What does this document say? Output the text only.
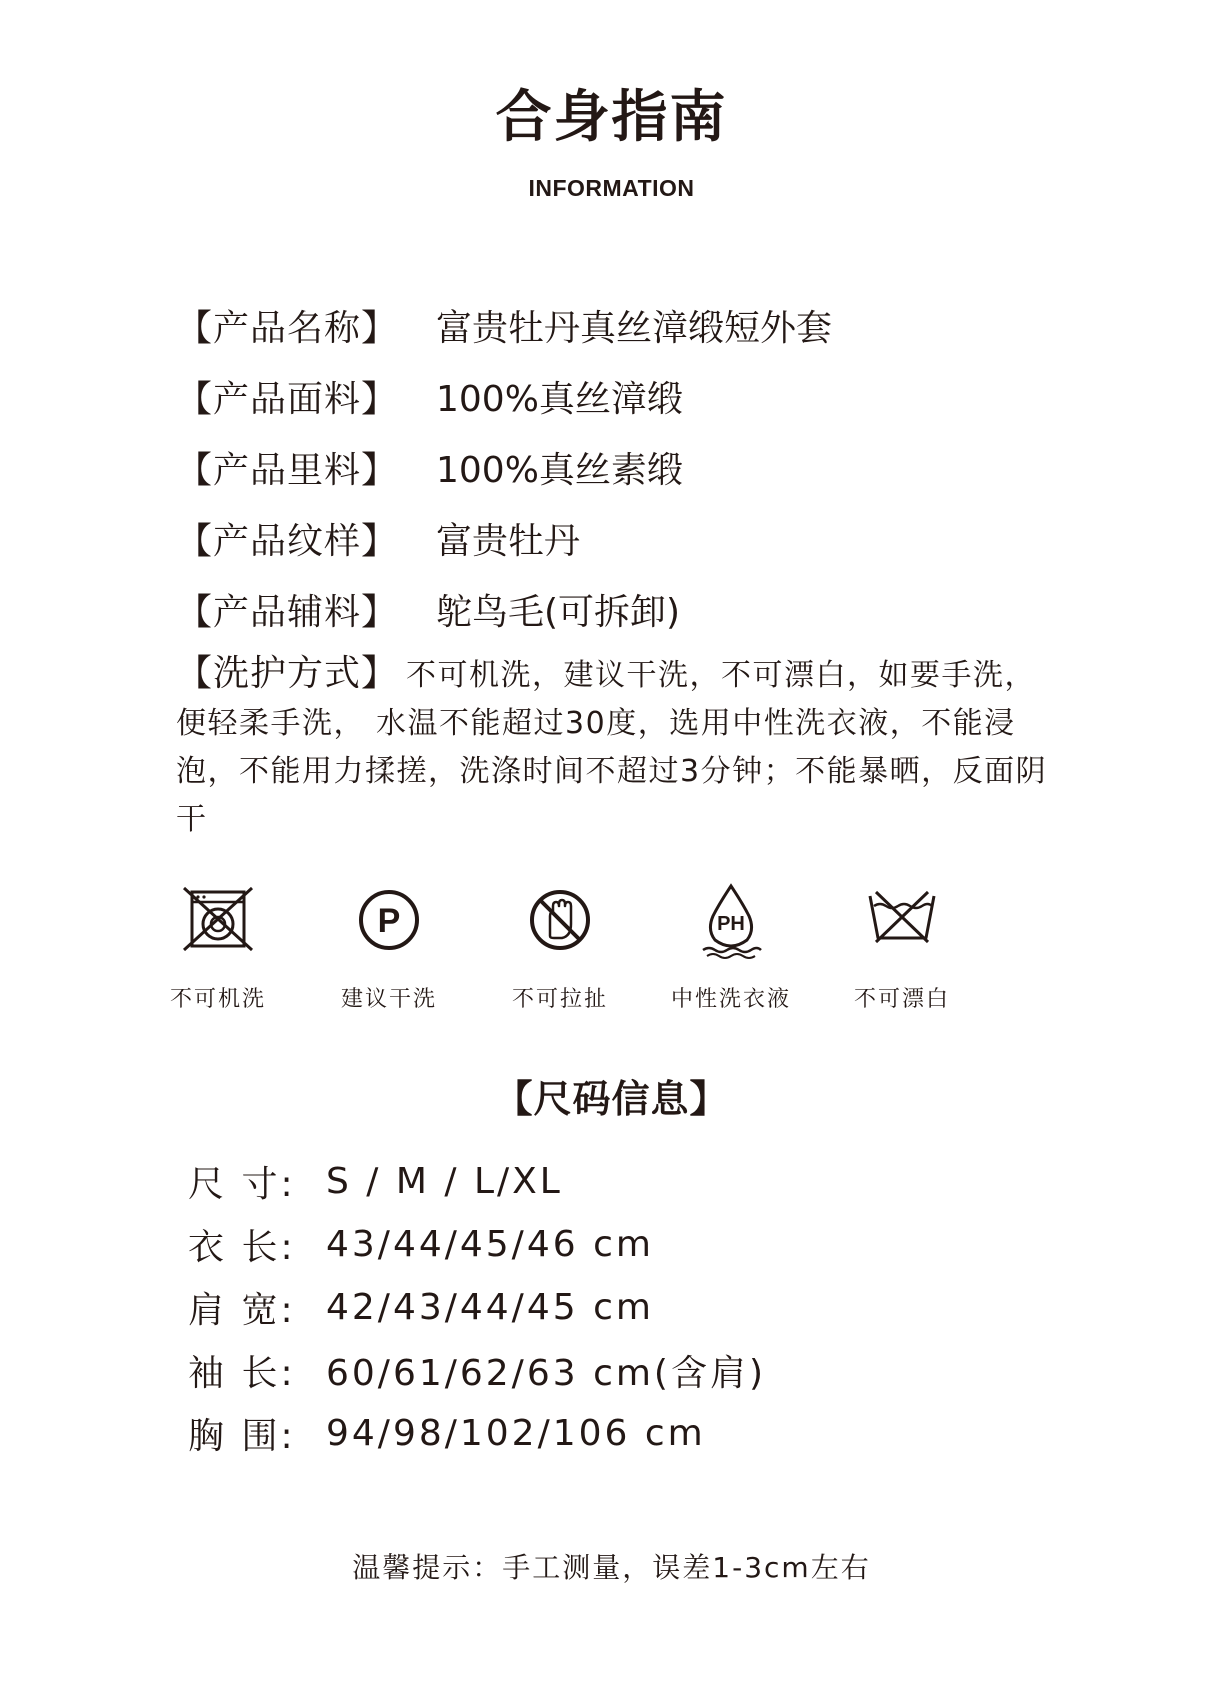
合身指南
INFORMATION
【产品名称】	富贵牡丹真丝漳缎短外套
【产品面料】	100%真丝漳缎
【产品里料】	100%真丝素缎
【产品纹样】	富贵牡丹
【产品辅料】	鸵鸟毛(可拆卸)
【洗护方式】 不可机洗，建议干洗，不可漂白，如要手洗，便轻柔手洗， 水温不能超过30度，选用中性洗衣液，不能浸泡，不能用力揉搓，洗涤时间不超过3分钟；不能暴晒，反面阴干
不可机洗
P
建议干洗	不可拉扯
PH
中性洗衣液	不可漂白
【尺码信息】
尺 寸: S / M / L/XL
衣 长: 43/44/45/46 cm
肩 宽: 42/43/44/45 cm
袖 长: 60/61/62/63 cm(含肩)
胸 围: 94/98/102/106 cm
温馨提示：手工测量，误差1-3cm左右
